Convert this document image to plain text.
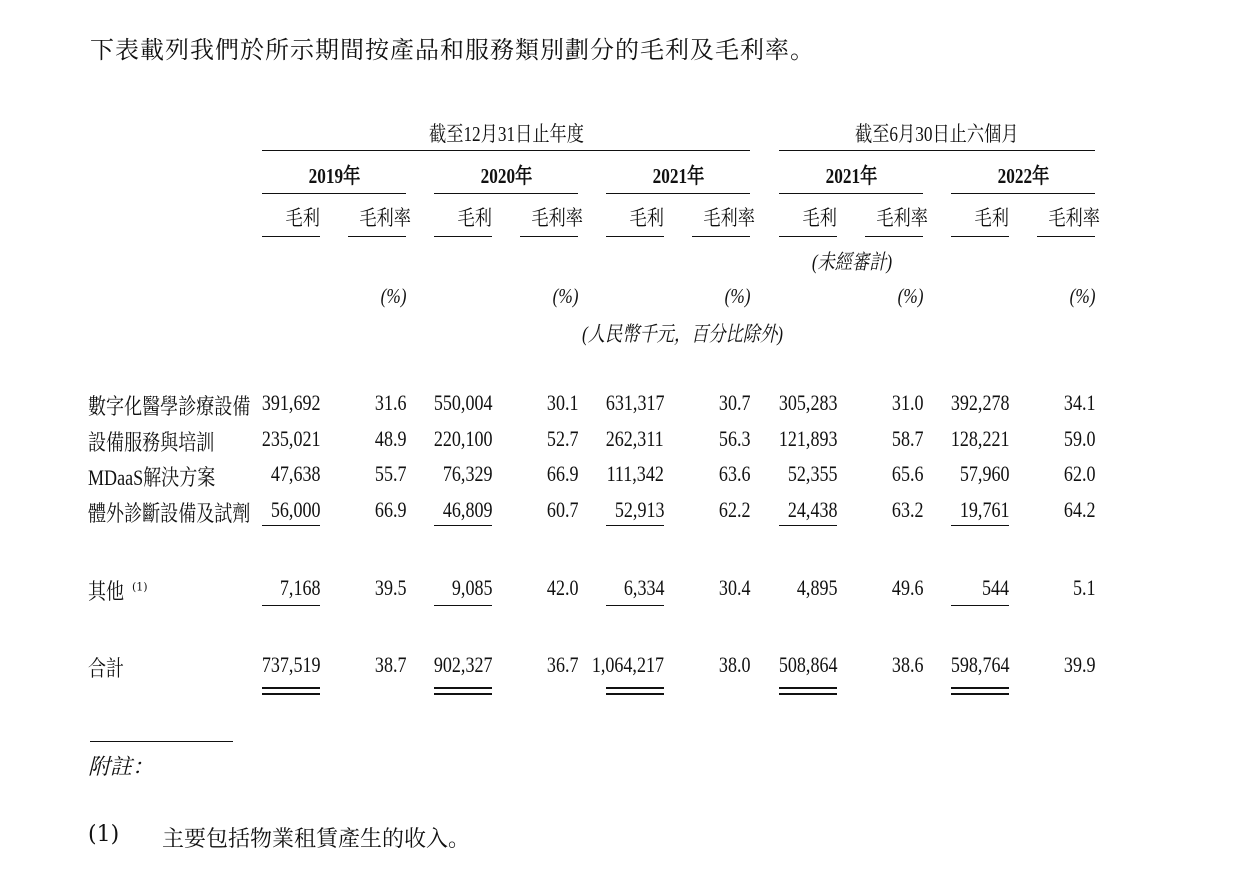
下表載列我們於所示期間按產品和服務類別劃分的毛利及毛利率。
截至12月31日止年度	截至6月30日止六個月
2019年	2020年	2021年	2021年	2022年
毛利	毛利率	毛利	毛利率	毛利	毛利率	毛利	毛利率	毛利	毛利率
(未經審計)
(%)	(%)	(%)	(%)	(%)
(人民幣千元，百分比除外)
數字化醫學診療設備 391,692	31.6	550,004	30.1	631,317	30.7	305,283	31.0	392,278	34.1
設備服務與培訓	235,021	48.9	220,100	52.7	262,311	56.3	121,893	58.7	128,221	59.0
MDaaS解決方案	47,638	55.7	76,329	66.9	111,342	63.6	52,355	65.6	57,960	62.0
體外診斷設備及試劑 56,000	66.9	46,809	60.7	52,913	62.2	24,438	63.2	19,761	64.2
其他 $^{(1)}$	7,168	39.5	9,085	42.0	6,334	30.4	4,895	49.6	544	5.1
合計	737,519	38.7	902,327	36.7 1,064,217	38.0	508,864	38.6	598,764	39.9
附註：
(1) 主要包括物業租賃產生的收入。
